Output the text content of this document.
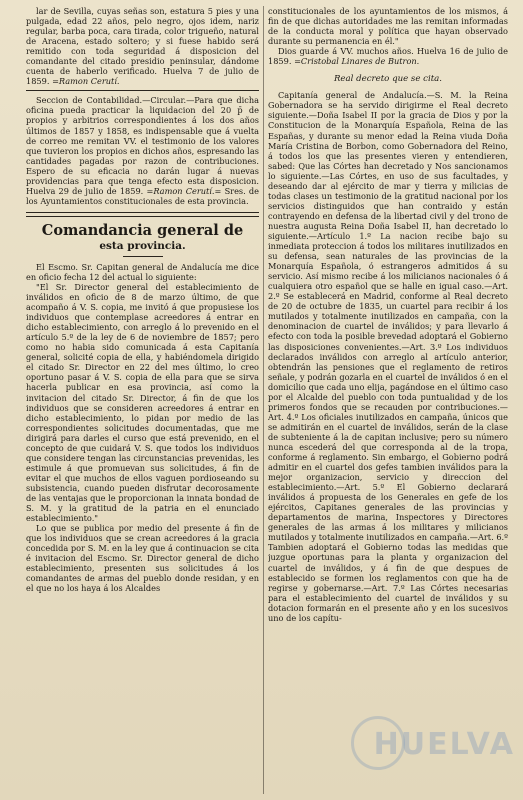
lar de Sevilla, cuyas señas son, estatura 5 pies y una pulgada, edad 22 años, pelo negro, ojos idem, nariz regular, barba poca, cara tirada, color trigueño, natural de Aracena, estado soltero; y si fuese habido será remitido con toda seguridad á disposicion del comandante del citado presidio peninsular, dándome cuenta de haberlo verificado. Huelva 7 de julio de 1859. =Ramon Cerutí.

Seccion de Contabilidad.—Circular.—Para que dicha oficina pueda practicar la liquidacion del 20 p̄ de propios y arbitrios correspondientes á los dos años últimos de 1857 y 1858, es indispensable que á vuelta de correo me remitan VV. el testimonio de los valores que tuvieron los propios en dichos años, espresando las cantidades pagadas por razon de contribuciones. Espero de su eficacia no darán lugar á nuevas providencias para que tenga efecto esta disposicion. Huelva 29 de julio de 1859. =Ramon Cerutí.= Sres. de los Ayuntamientos constitucionales de esta provincia.

Comandancia general de
esta provincia.

El Escmo. Sr. Capitan general de Andalucía me dice en oficio fecha 12 del actual lo siguiente:

"El Sr. Director general del establecimiento de inválidos en oficio de 8 de marzo último, de que acompaño á V. S. copia, me invitó á que propusiese los individuos que contemplase acreedores á entrar en dicho establecimiento, con arreglo á lo prevenido en el artículo 5.º de la ley de 6 de noviembre de 1857; pero como no habia sido comunicada á esta Capitanía general, solicité copia de ella, y habiéndomela dirigido el citado Sr. Director en 22 del mes último, lo creo oportuno pasar á V. S. copia de ella para que se sirva hacerla publicar en esa provincia, así como la invitacion del citado Sr. Director, á fin de que los individuos que se consideren acreedores á entrar en dicho establecimiento, lo pidan por medio de las correspondientes solicitudes documentadas, que me dirigirá para darles el curso que está prevenido, en el concepto de que cuidará V. S. que todos los individuos que considere tengan las circunstancias prevenidas, les estimule á que promuevan sus solicitudes, á fin de evitar el que muchos de ellos vaguen pordioseando su subsistencia, cuando pueden disfrutar decorosamente de las ventajas que le proporcionan la innata bondad de S. M. y la gratitud de la patria en el enunciado establecimiento."

Lo que se publica por medio del presente á fin de que los individuos que se crean acreedores á la gracia concedida por S. M. en la ley que á continuacion se cita é invitacion del Escmo. Sr. Director general de dicho establecimiento, presenten sus solicitudes á los comandantes de armas del pueblo donde residan, y en el que no los haya á los Alcaldes

constitucionales de los ayuntamientos de los mismos, á fin de que dichas autoridades me las remitan informadas de la conducta moral y política que hayan observado durante su permanencia en él."

Dios guarde á VV. muchos años. Huelva 16 de julio de 1859. =Cristobal Linares de Butron.

Real decreto que se cita.

Capitanía general de Andalucía.—S. M. la Reina Gobernadora se ha servido dirigirme el Real decreto siguiente.—Doña Isabel II por la gracia de Dios y por la Constitucion de la Monarquía Española, Reina de las Españas, y durante su menor edad la Reina viuda Doña María Cristina de Borbon, como Gobernadora del Reino, á todos los que las presentes vieren y entendieren, sabed: Que las Córtes han decretado y Nos sancionamos lo siguiente.—Las Córtes, en uso de sus facultades, y deseando dar al ejército de mar y tierra y milicias de todas clases un testimonio de la gratitud nacional por los servicios distinguidos que han contraido y están contrayendo en defensa de la libertad civil y del trono de nuestra augusta Reina Doña Isabel II, han decretado lo siguiente.—Artículo 1.º La nacion recibe bajo su inmediata proteccion á todos los militares inutilizados en su defensa, sean naturales de las provincias de la Monarquía Española, ó estrangeros admitidos á su servicio. Así mismo recibe á los milicianos nacionales ó á cualquiera otro español que se halle en igual caso.—Art. 2.º Se establecerá en Madrid, conforme al Real decreto de 20 de octubre de 1835, un cuartel para recibir á los mutilados y totalmente inutilizados en campaña, con la denominacion de cuartel de inválidos; y para llevarlo á efecto con toda la posible brevedad adoptará el Gobierno las disposiciones convenientes.—Art. 3.º Los individuos declarados inválidos con arreglo al artículo anterior, obtendrán las pensiones que el reglamento de retiros señale, y podrán gozarla en el cuartel de inválidos ó en el domicilio que cada uno elija, pagándose en el último caso por el Alcalde del pueblo con toda puntualidad y de los primeros fondos que se recauden por contribuciones.—Art. 4.º Los oficiales inutilizados en campaña, únicos que se admitirán en el cuartel de inválidos, serán de la clase de subteniente á la de capitan inclusive; pero su número nunca escederá del que corresponda al de la tropa, conforme á reglamento. Sin embargo, el Gobierno podrá admitir en el cuartel dos gefes tambien inválidos para la mejor organizacion, servicio y direccion del establecimiento.—Art. 5.º El Gobierno declarará inválidos á propuesta de los Generales en gefe de los ejércitos, Capitanes generales de las provincias y departamentos de marina, Inspectores y Directores generales de las armas á los militares y milicianos mutilados y totalmente inutilizados en campaña.—Art. 6.º Tambien adoptará el Gobierno todas las medidas que juzgue oportunas para la planta y organizacion del cuartel de inválidos, y á fin de que despues de establecido se formen los reglamentos con que ha de regirse y gobernarse.—Art. 7.º Las Córtes necesarias para el establecimiento del cuartel de inválidos y su dotacion formarán en el presente año y en los sucesivos uno de los capítu-

HUELVA
